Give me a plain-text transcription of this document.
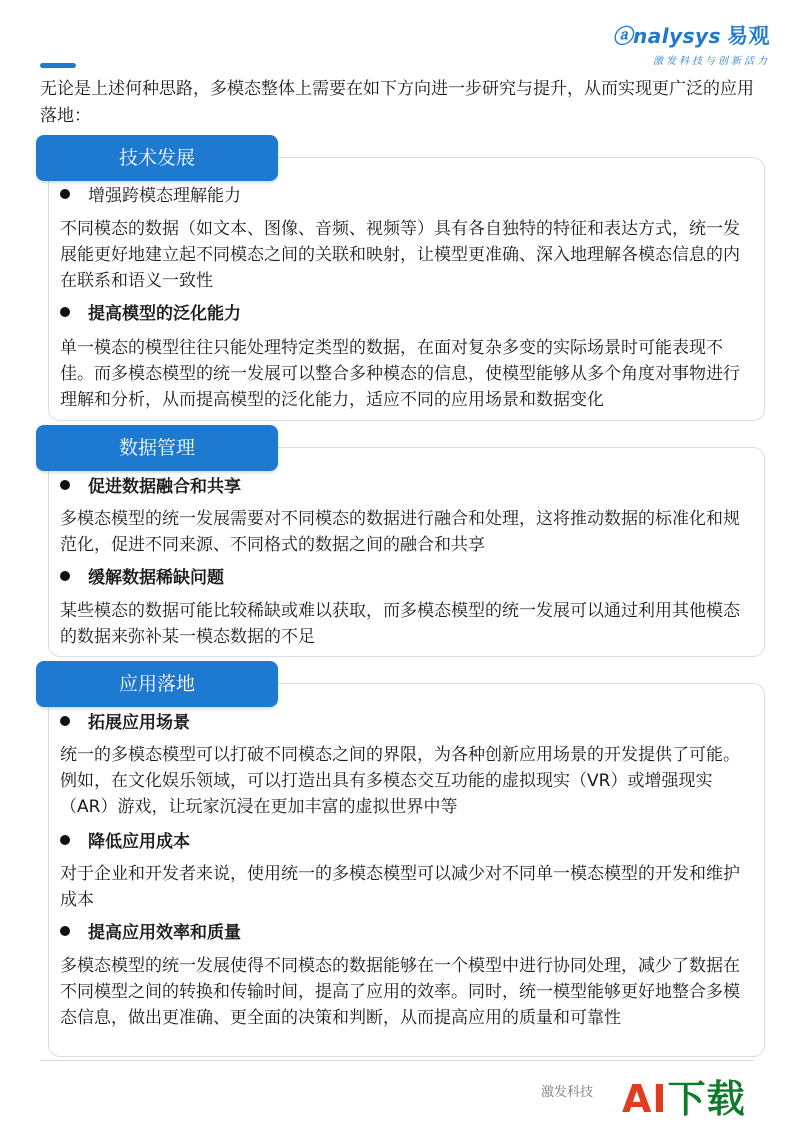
ⓐnalysys 易观
激发科技与创新活力

无论是上述何种思路，多模态整体上需要在如下方向进一步研究与提升，从而实现更广泛的应用落地：

技术发展

增强跨模态理解能力

不同模态的数据（如文本、图像、音频、视频等）具有各自独特的特征和表达方式，统一发展能更好地建立起不同模态之间的关联和映射，让模型更准确、深入地理解各模态信息的内在联系和语义一致性

提高模型的泛化能力

单一模态的模型往往只能处理特定类型的数据，在面对复杂多变的实际场景时可能表现不佳。而多模态模型的统一发展可以整合多种模态的信息，使模型能够从多个角度对事物进行理解和分析，从而提高模型的泛化能力，适应不同的应用场景和数据变化

数据管理

促进数据融合和共享

多模态模型的统一发展需要对不同模态的数据进行融合和处理，这将推动数据的标准化和规范化，促进不同来源、不同格式的数据之间的融合和共享

缓解数据稀缺问题

某些模态的数据可能比较稀缺或难以获取，而多模态模型的统一发展可以通过利用其他模态的数据来弥补某一模态数据的不足

应用落地

拓展应用场景

统一的多模态模型可以打破不同模态之间的界限，为各种创新应用场景的开发提供了可能。例如，在文化娱乐领域，可以打造出具有多模态交互功能的虚拟现实（VR）或增强现实（AR）游戏，让玩家沉浸在更加丰富的虚拟世界中等

降低应用成本

对于企业和开发者来说，使用统一的多模态模型可以减少对不同单一模态模型的开发和维护成本

提高应用效率和质量

多模态模型的统一发展使得不同模态的数据能够在一个模型中进行协同处理，减少了数据在不同模型之间的转换和传输时间，提高了应用的效率。同时，统一模型能够更好地整合多模态信息，做出更准确、更全面的决策和判断，从而提高应用的质量和可靠性

激发科技 AI下载
